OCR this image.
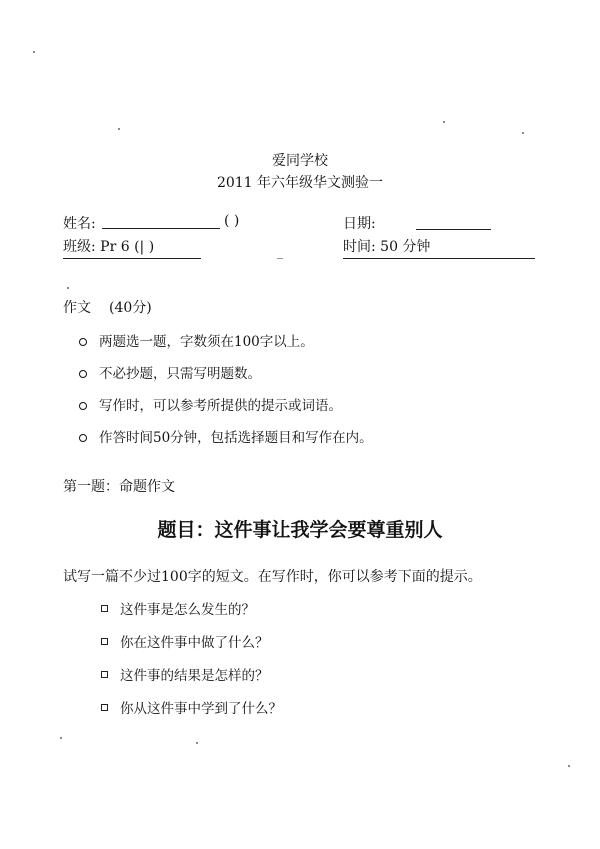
爱同学校
2011 年六年级华文测验一
姓名:	( )	日期:
班级: Pr 6 (| )	时间: 50 分钟
作文 (40分)
两题选一题，字数须在100字以上。
不必抄题，只需写明题数。
写作时，可以参考所提供的提示或词语。
作答时间50分钟，包括选择题目和写作在内。
第一题：命题作文
题目：这件事让我学会要尊重别人
试写一篇不少过100字的短文。在写作时，你可以参考下面的提示。
这件事是怎么发生的？
你在这件事中做了什么？
这件事的结果是怎样的？
你从这件事中学到了什么？
